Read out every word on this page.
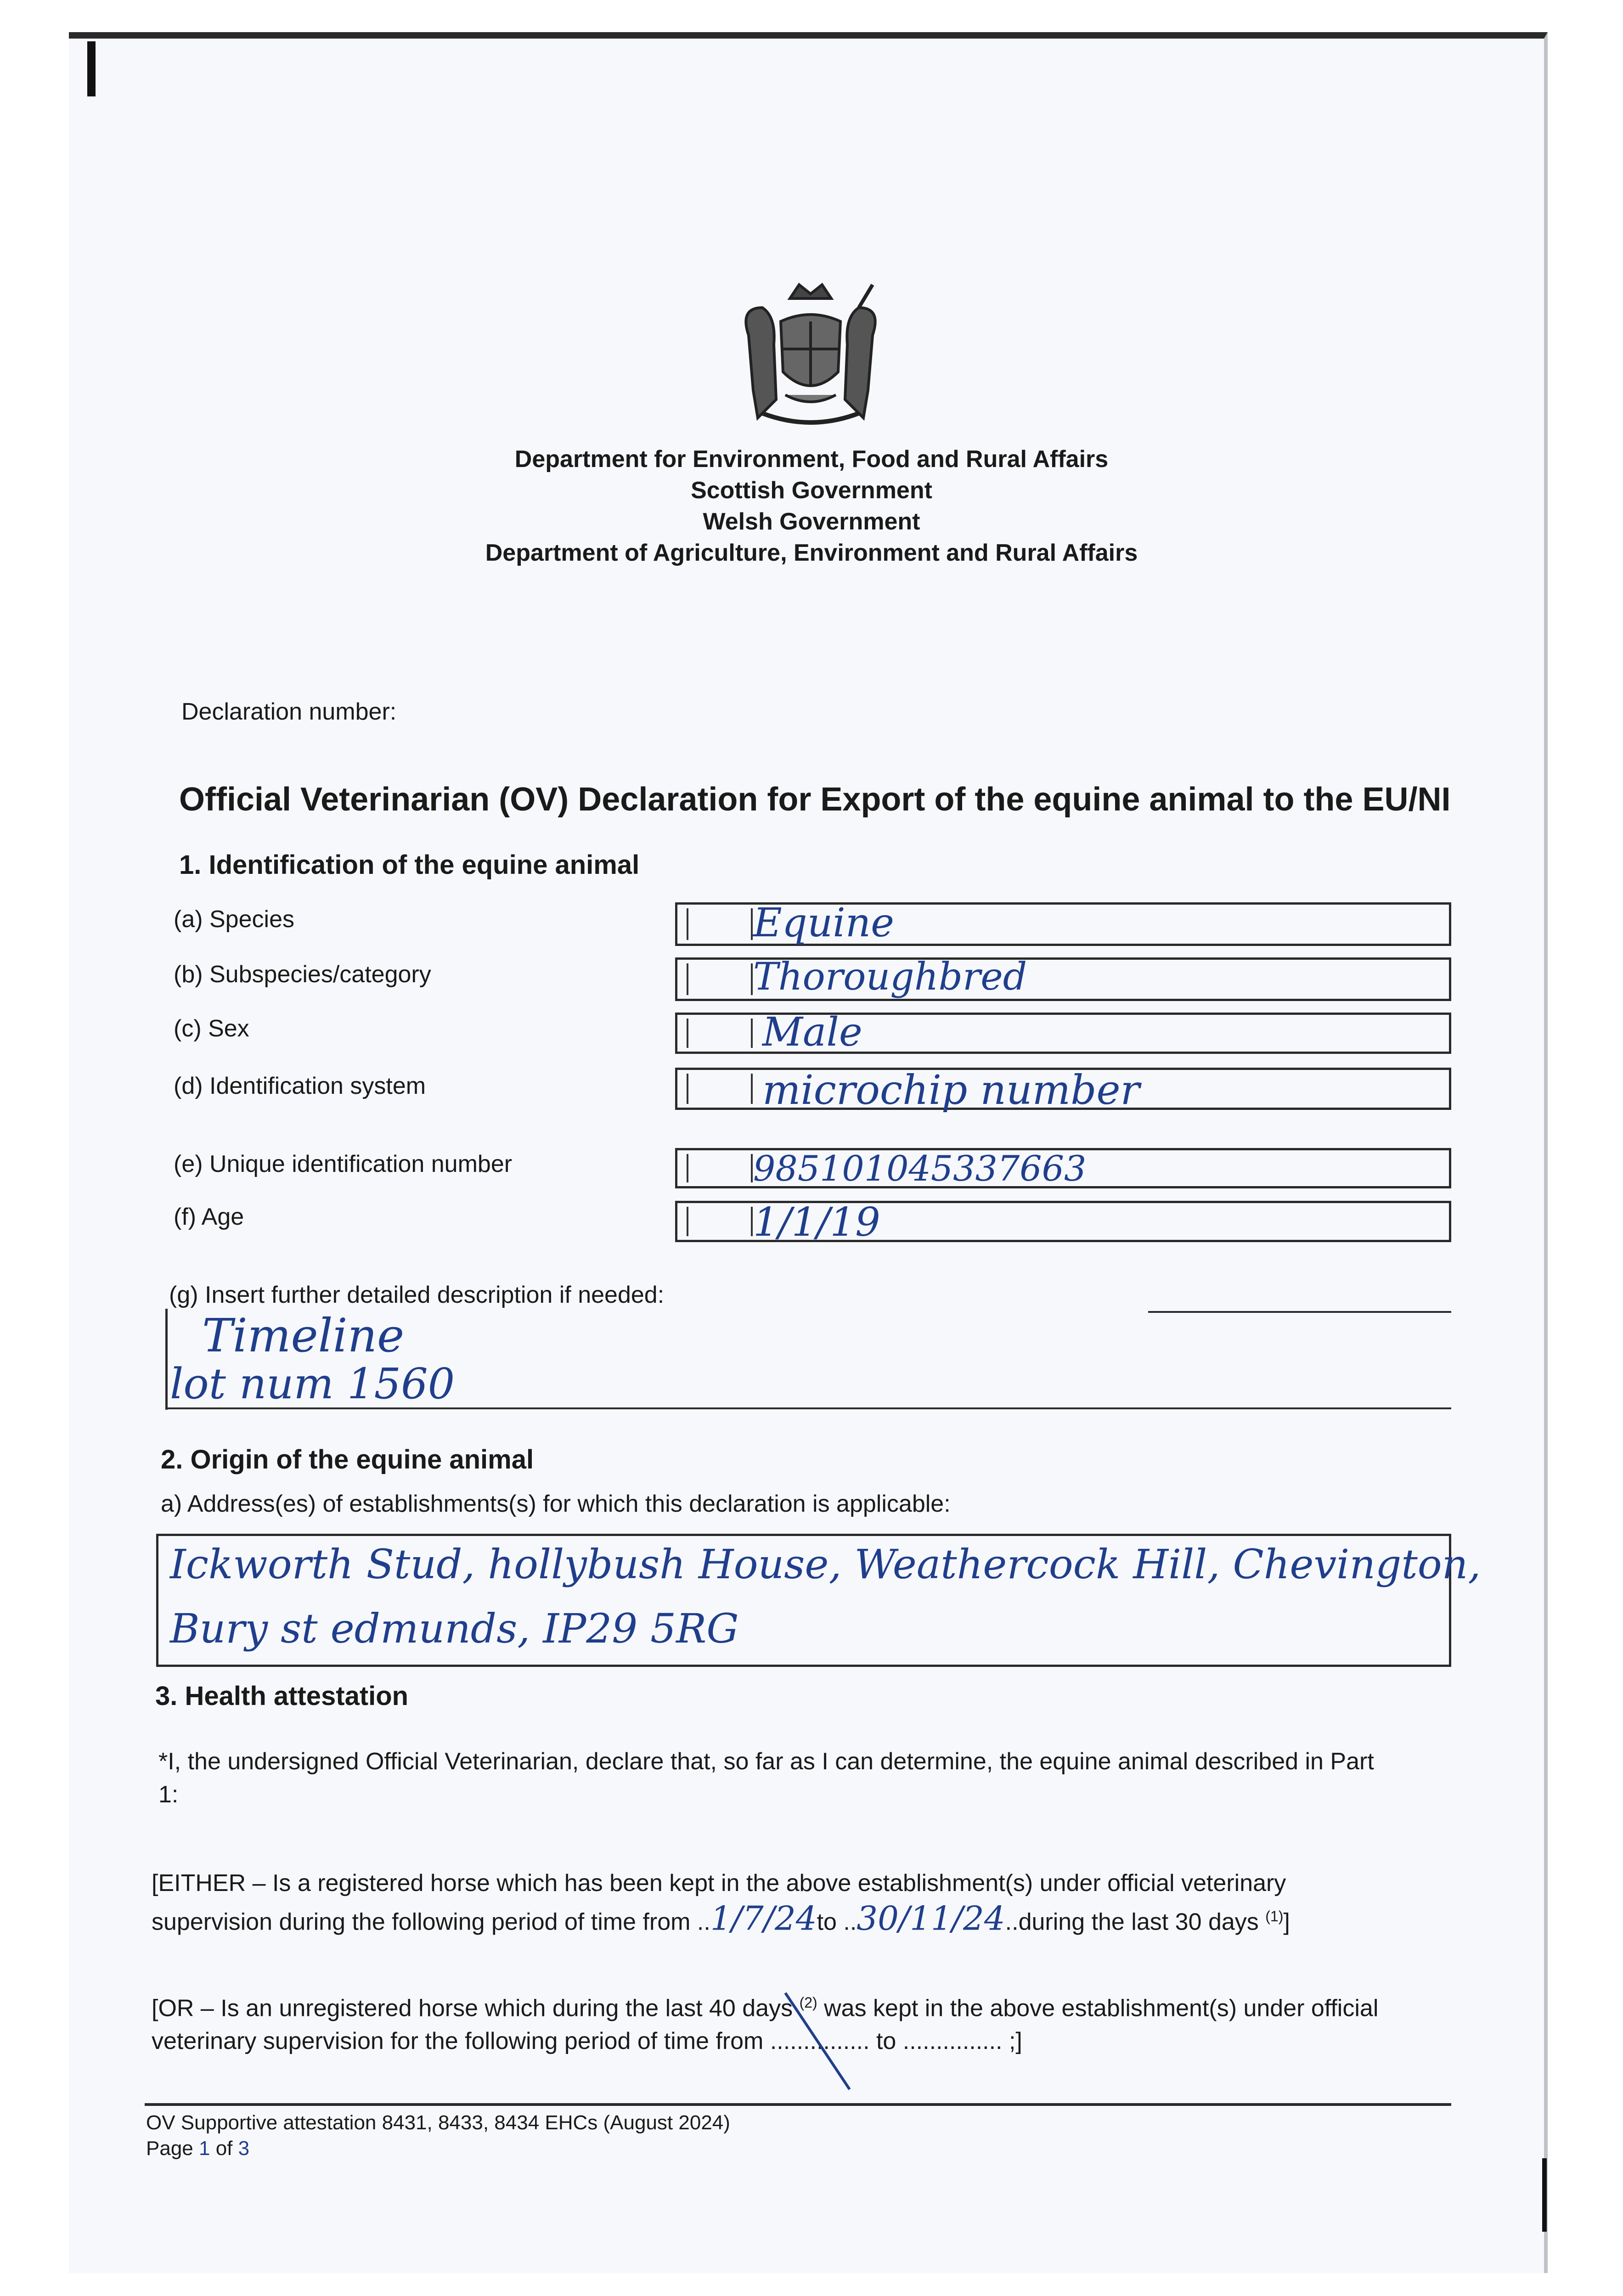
Department for Environment, Food and Rural Affairs
Scottish Government
Welsh Government
Department of Agriculture, Environment and Rural Affairs
Declaration number:
Official Veterinarian (OV) Declaration for Export of the equine animal to the EU/NI
1. Identification of the equine animal
(a) Species	Equine
(b) Subspecies/category	Thoroughbred
(c) Sex	Male
(d) Identification system	microchip number
(e) Unique identification number	985101045337663
(f) Age	1/1/19
(g) Insert further detailed description if needed:
Timeline
lot num 1560
2. Origin of the equine animal
a) Address(es) of establishments(s) for which this declaration is applicable:
Ickworth Stud, hollybush House, Weathercock Hill, Chevington,
Bury st edmunds, IP29 5RG
3. Health attestation
*I, the undersigned Official Veterinarian, declare that, so far as I can determine, the equine animal described in Part
1:
[EITHER – Is a registered horse which has been kept in the above establishment(s) under official veterinary
supervision during the following period of time from ..1/7/24to ..30/11/24..during the last 30 days $^{(1)}$]
[OR – Is an unregistered horse which during the last 40 days $^{(2)}$ was kept in the above establishment(s) under official
veterinary supervision for the following period of time from ............... to ............... ;]
OV Supportive attestation 8431, 8433, 8434 EHCs (August 2024)
Page 1 of 3
